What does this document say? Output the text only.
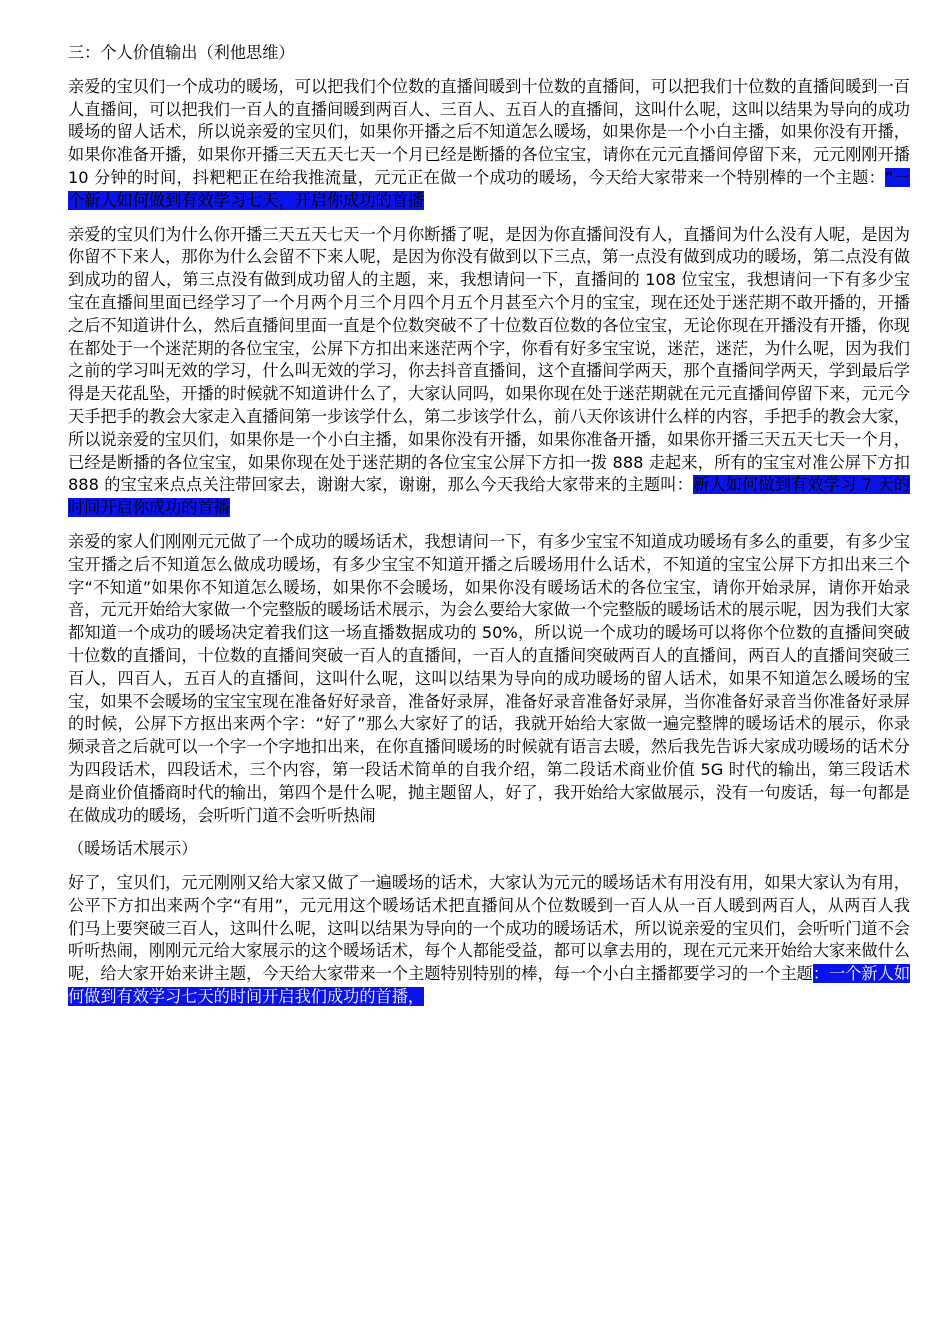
三：个人价值输出（利他思维）

亲爱的宝贝们一个成功的暖场，可以把我们个位数的直播间暖到十位数的直播间，可以把我们十位数的直播间暖到一百人直播间，可以把我们一百人的直播间暖到两百人、三百人、五百人的直播间，这叫什么呢，这叫以结果为导向的成功暖场的留人话术，所以说亲爱的宝贝们，如果你开播之后不知道怎么暖场，如果你是一个小白主播，如果你没有开播，如果你准备开播，如果你开播三天五天七天一个月已经是断播的各位宝宝，请你在元元直播间停留下来，元元刚刚开播 10 分钟的时间，抖粑粑正在给我推流量，元元正在做一个成功的暖场，今天给大家带来一个特别棒的一个主题：“一个新人如何做到有效学习七天，开启你成功的首播

亲爱的宝贝们为什么你开播三天五天七天一个月你断播了呢，是因为你直播间没有人，直播间为什么没有人呢，是因为你留不下来人，那你为什么会留不下来人呢，是因为你没有做到以下三点，第一点没有做到成功的暖场，第二点没有做到成功的留人，第三点没有做到成功留人的主题，来，我想请问一下，直播间的 108 位宝宝，我想请问一下有多少宝宝在直播间里面已经学习了一个月两个月三个月四个月五个月甚至六个月的宝宝，现在还处于迷茫期不敢开播的，开播之后不知道讲什么，然后直播间里面一直是个位数突破不了十位数百位数的各位宝宝，无论你现在开播没有开播，你现在都处于一个迷茫期的各位宝宝，公屏下方扣出来迷茫两个字，你看有好多宝宝说，迷茫，迷茫，为什么呢，因为我们之前的学习叫无效的学习，什么叫无效的学习，你去抖音直播间，这个直播间学两天，那个直播间学两天，学到最后学得是天花乱坠，开播的时候就不知道讲什么了，大家认同吗，如果你现在处于迷茫期就在元元直播间停留下来，元元今天手把手的教会大家走入直播间第一步该学什么，第二步该学什么，前八天你该讲什么样的内容，手把手的教会大家，所以说亲爱的宝贝们，如果你是一个小白主播，如果你没有开播，如果你准备开播，如果你开播三天五天七天一个月，已经是断播的各位宝宝，如果你现在处于迷茫期的各位宝宝公屏下方扣一拨 888 走起来，所有的宝宝对准公屏下方扣 888 的宝宝来点点关注带回家去，谢谢大家，谢谢，那么今天我给大家带来的主题叫：新人如何做到有效学习 7 天的时间开启你成功的首播

亲爱的家人们刚刚元元做了一个成功的暖场话术，我想请问一下，有多少宝宝不知道成功暖场有多么的重要，有多少宝宝开播之后不知道怎么做成功暖场，有多少宝宝不知道开播之后暖场用什么话术，不知道的宝宝公屏下方扣出来三个字“不知道”如果你不知道怎么暖场，如果你不会暖场，如果你没有暖场话术的各位宝宝，请你开始录屏，请你开始录音，元元开始给大家做一个完整版的暖场话术展示，为会么要给大家做一个完整版的暖场话术的展示呢，因为我们大家都知道一个成功的暖场决定着我们这一场直播数据成功的 50%，所以说一个成功的暖场可以将你个位数的直播间突破十位数的直播间，十位数的直播间突破一百人的直播间，一百人的直播间突破两百人的直播间，两百人的直播间突破三百人，四百人，五百人的直播间，这叫什么呢，这叫以结果为导向的成功暖场的留人话术，如果不知道怎么暖场的宝宝，如果不会暖场的宝宝宝现在准备好好录音，准备好录屏，准备好录音准备好录屏，当你准备好录音当你准备好录屏的时候，公屏下方抠出来两个字：“好了”那么大家好了的话，我就开始给大家做一遍完整牌的暖场话术的展示，你录频录音之后就可以一个字一个字地扣出来，在你直播间暖场的时候就有语言去暖，然后我先告诉大家成功暖场的话术分为四段话术，四段话术，三个内容，第一段话术简单的自我介绍，第二段话术商业价值 5G 时代的输出，第三段话术是商业价值播商时代的输出，第四个是什么呢，抛主题留人，好了，我开始给大家做展示，没有一句废话，每一句都是在做成功的暖场，会听听门道不会听听热闹

（暖场话术展示）

好了，宝贝们，元元刚刚又给大家又做了一遍暖场的话术，大家认为元元的暖场话术有用没有用，如果大家认为有用，公平下方扣出来两个字“有用”，元元用这个暖场话术把直播间从个位数暖到一百人从一百人暖到两百人，从两百人我们马上要突破三百人，这叫什么呢，这叫以结果为导向的一个成功的暖场话术，所以说亲爱的宝贝们，会听听门道不会听听热闹，刚刚元元给大家展示的这个暖场话术，每个人都能受益，都可以拿去用的，现在元元来开始给大家来做什么呢，给大家开始来讲主题，今天给大家带来一个主题特别特别的棒，每一个小白主播都要学习的一个主题：一个新人如何做到有效学习七天的时间开启我们成功的首播，
